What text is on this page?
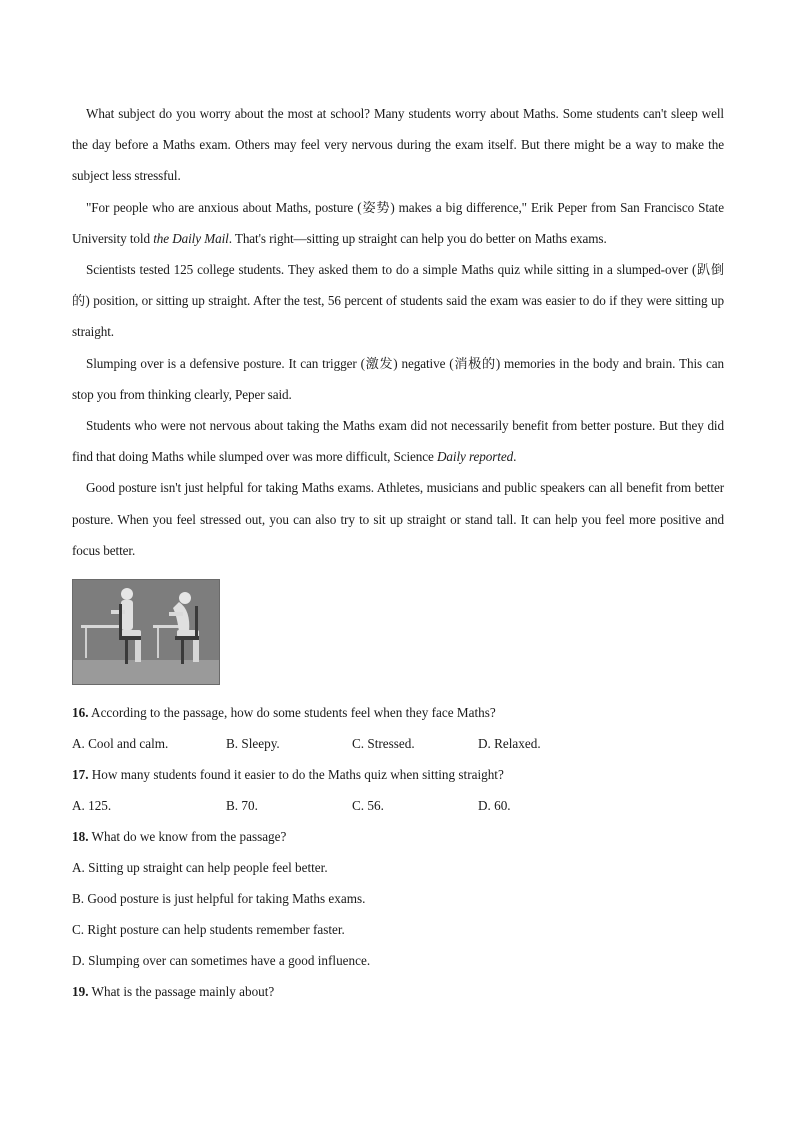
What subject do you worry about the most at school? Many students worry about Maths. Some students can't sleep well the day before a Maths exam. Others may feel very nervous during the exam itself. But there might be a way to make the subject less stressful.

"For people who are anxious about Maths, posture (姿势) makes a big difference," Erik Peper from San Francisco State University told the Daily Mail. That's right—sitting up straight can help you do better on Maths exams.

Scientists tested 125 college students. They asked them to do a simple Maths quiz while sitting in a slumped-over (趴倒的) position, or sitting up straight. After the test, 56 percent of students said the exam was easier to do if they were sitting up straight.

Slumping over is a defensive posture. It can trigger (激发) negative (消极的) memories in the body and brain. This can stop you from thinking clearly, Peper said.

Students who were not nervous about taking the Maths exam did not necessarily benefit from better posture. But they did find that doing Maths while slumped over was more difficult, Science Daily reported.

Good posture isn't just helpful for taking Maths exams. Athletes, musicians and public speakers can all benefit from better posture. When you feel stressed out, you can also try to sit up straight or stand tall. It can help you feel more positive and focus better.

16. According to the passage, how do some students feel when they face Maths?

A. Cool and calm.	B. Sleepy.	C. Stressed.	D. Relaxed.

17. How many students found it easier to do the Maths quiz when sitting straight?

A. 125.	B. 70.	C. 56.	D. 60.

18. What do we know from the passage?

A. Sitting up straight can help people feel better.

B. Good posture is just helpful for taking Maths exams.

C. Right posture can help students remember faster.

D. Slumping over can sometimes have a good influence.

19. What is the passage mainly about?
